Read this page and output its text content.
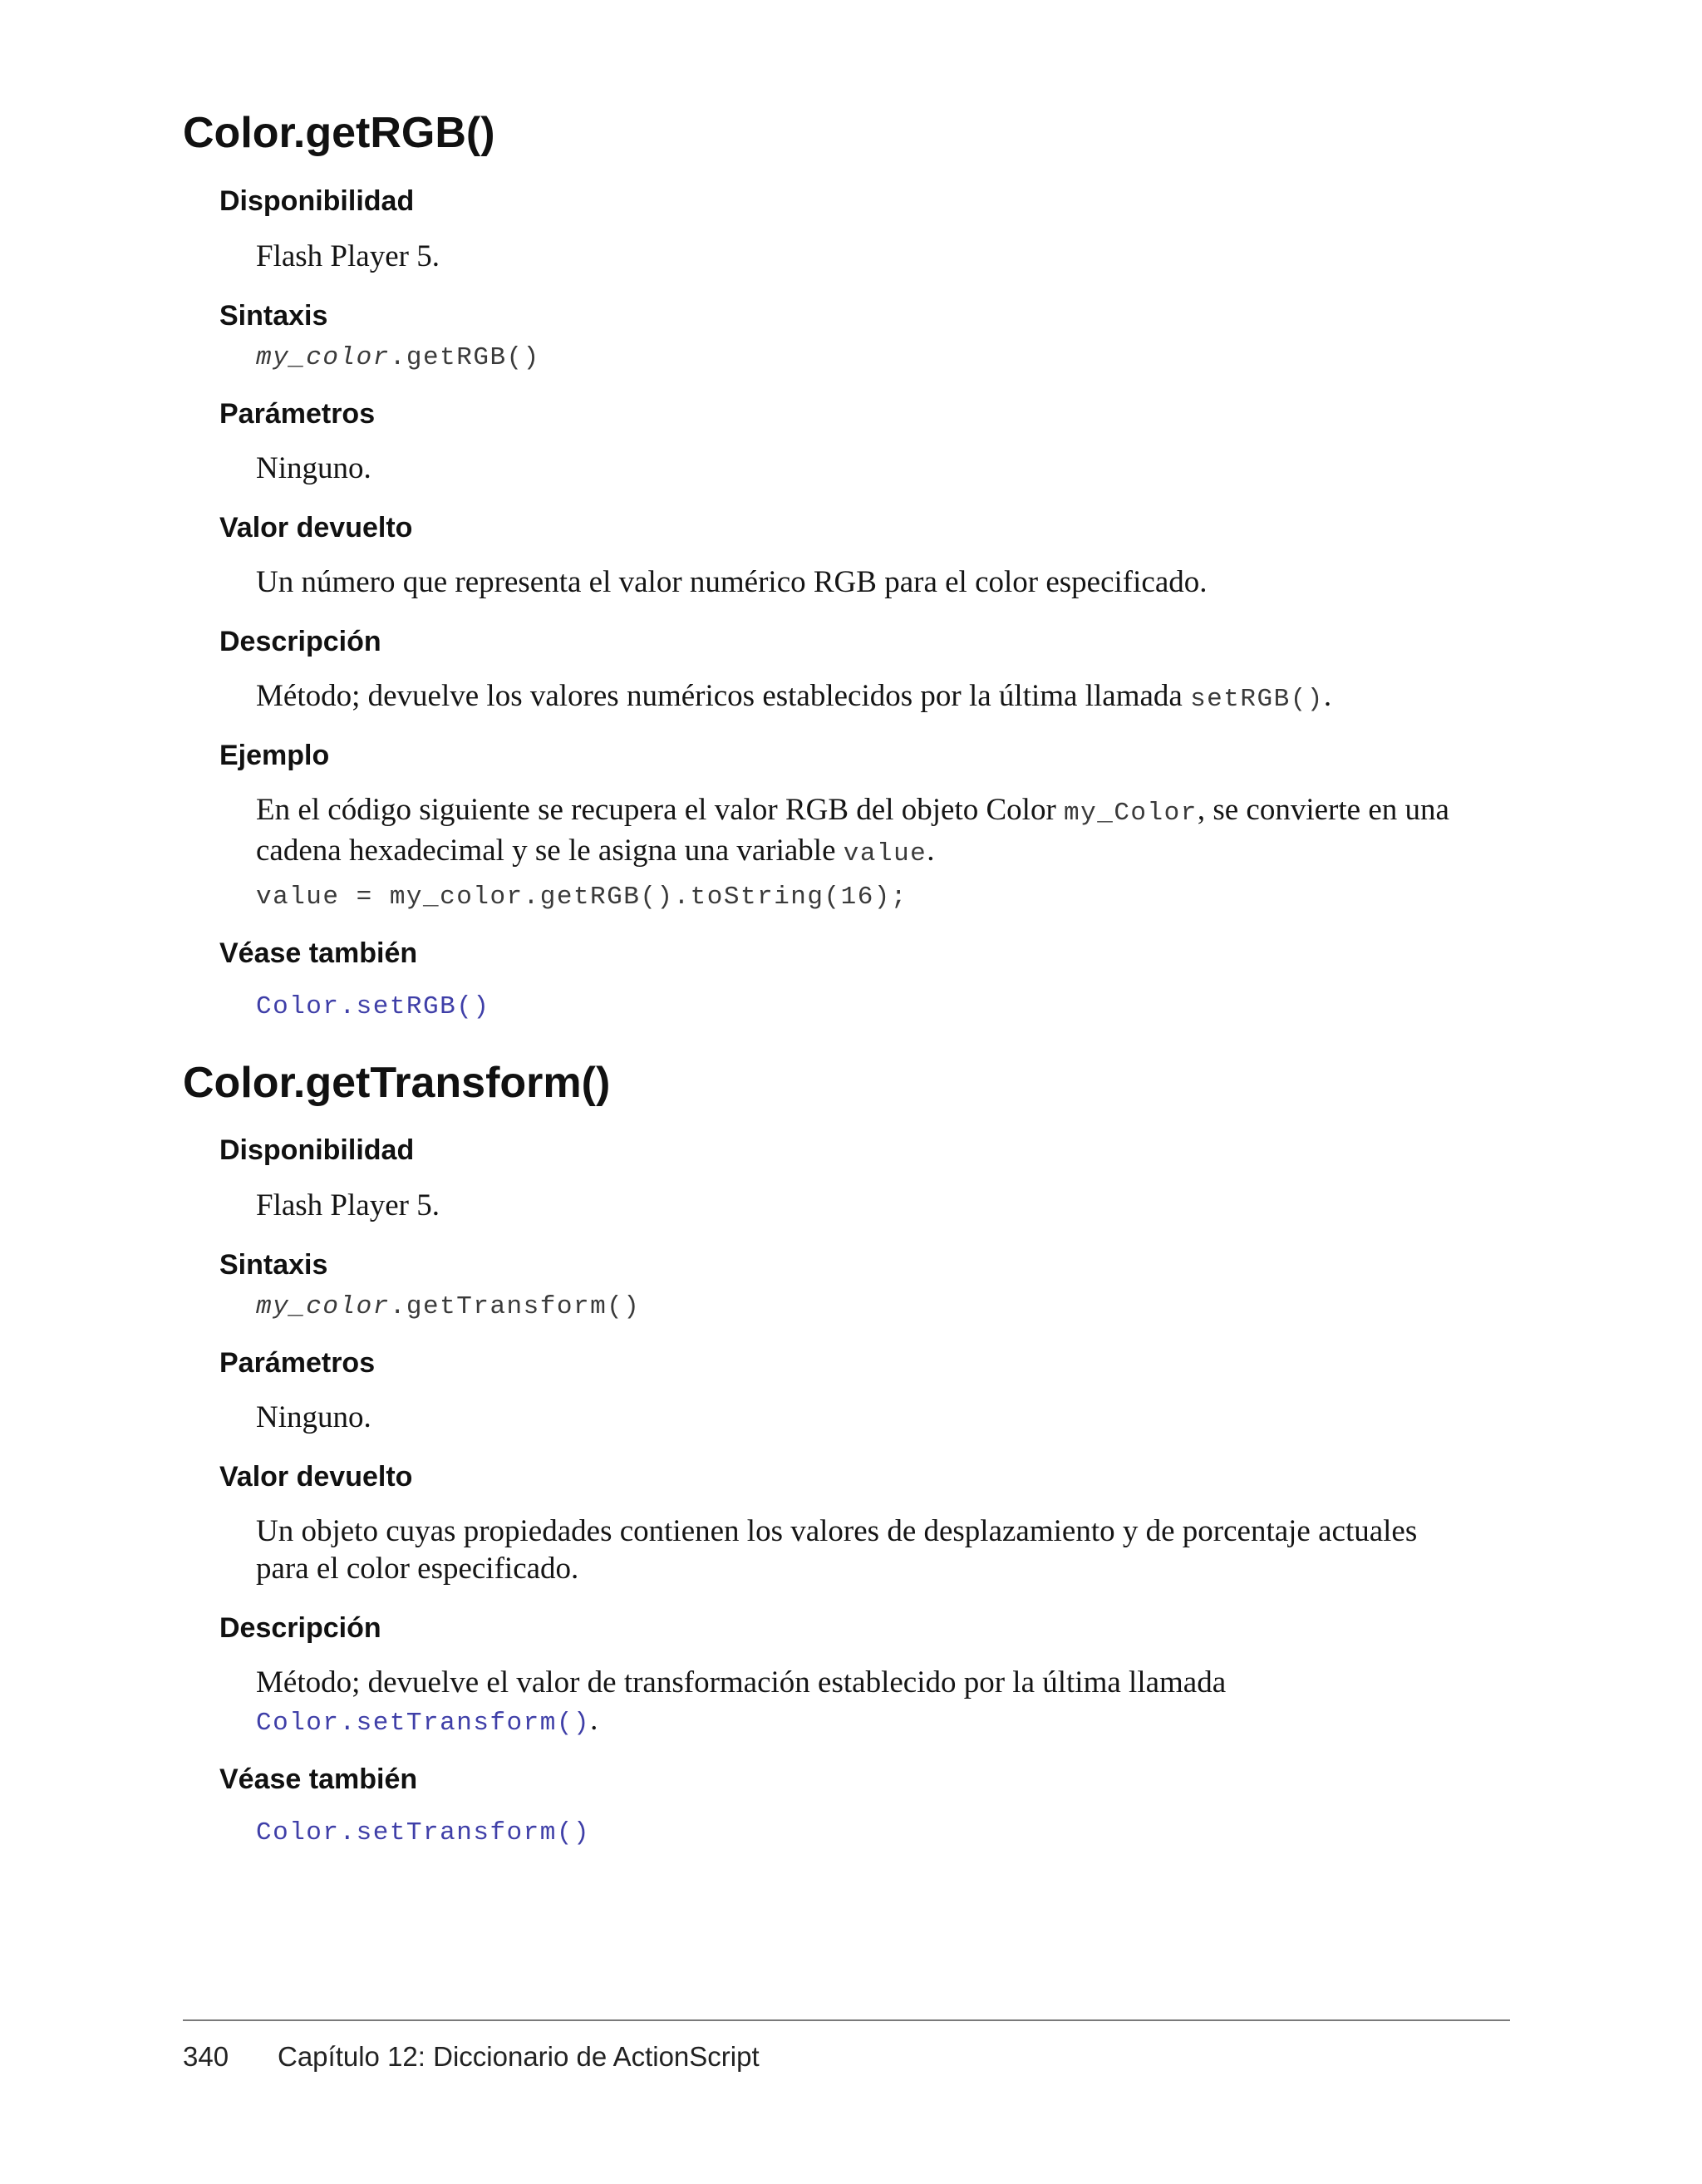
Color.getRGB()
Disponibilidad

Flash Player 5.

Sintaxis

my_color.getRGB()

Parámetros

Ninguno.

Valor devuelto

Un número que representa el valor numérico RGB para el color especificado.

Descripción

Método; devuelve los valores numéricos establecidos por la última llamada setRGB().

Ejemplo

En el código siguiente se recupera el valor RGB del objeto Color my_Color, se convierte en una cadena hexadecimal y se le asigna una variable value.

value = my_color.getRGB().toString(16);

Véase también

Color.setRGB()

Color.getTransform()
Disponibilidad

Flash Player 5.

Sintaxis

my_color.getTransform()

Parámetros

Ninguno.

Valor devuelto

Un objeto cuyas propiedades contienen los valores de desplazamiento y de porcentaje actuales para el color especificado.

Descripción

Método; devuelve el valor de transformación establecido por la última llamada Color.setTransform().

Véase también

Color.setTransform()

340 Capítulo 12: Diccionario de ActionScript
